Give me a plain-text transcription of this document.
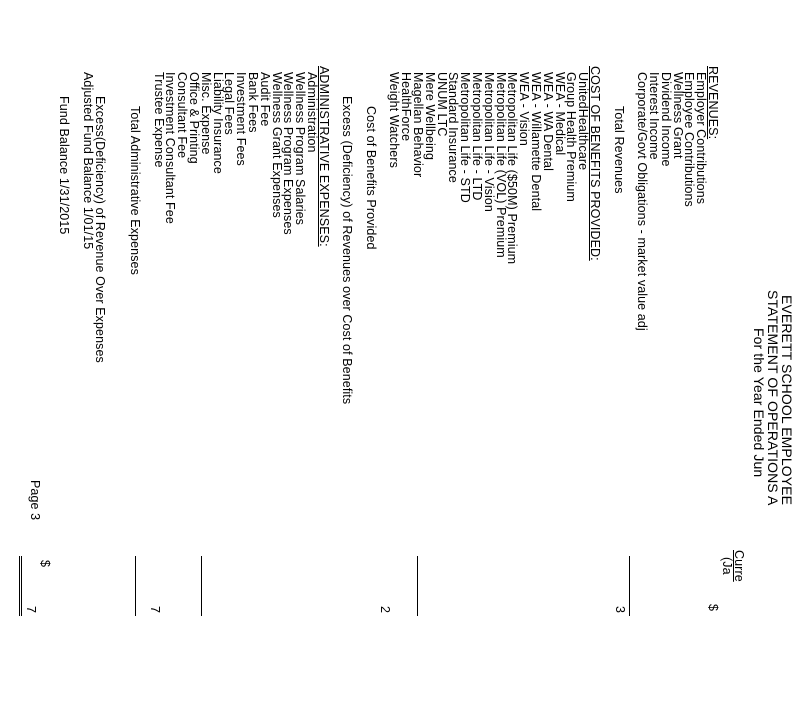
EVERETT SCHOOL EMPLOYEE
STATEMENT OF OPERATIONS A
For the Year Ended Jun
Curre
(Ja
REVENUES:
Employer Contributions
Employee Contributions
Wellness Grant
Dividend Income
Interest Income
Corporate/Govt Obligations - market value adj
Total Revenues
COST OF BENEFITS PROVIDED:
UnitedHealthcare
Group Health Premium
WEA - Medical
WEA - WA Dental
WEA - Willamette Dental
WEA - Vision
Metropolitan Life ($50M) Premium
Metropolitan Life (VOL) Premium
Metropolitan Life - Vision
Metropolitan Life - LTD
Metropolitan Life - STD
Standard Insurance
UNUM LTC
Mere Wellbeing
Magellan Behavior
HealthForce
Weight Watchers
Cost of Benefits Provided
Excess (Deficiency) of Revenues over Cost of Benefits
ADMINISTRATIVE EXPENSES:
Administration
Wellness Program Salaries
Wellness Program Expenses
Wellness Grant Expenses
Audit Fee
Bank Fees
Investment Fees
Legal Fees
Liability Insurance
Misc. Expense
Office & Printing
Consultant Fee
Investment Consultant Fee
Trustee Expense
Total Administrative Expenses
Excess(Deficiency) of Revenue Over Expenses
Adjusted Fund Balance 1/01/15
Fund Balance 1/31/2015
$
3
2
7
$
7
Page 3
